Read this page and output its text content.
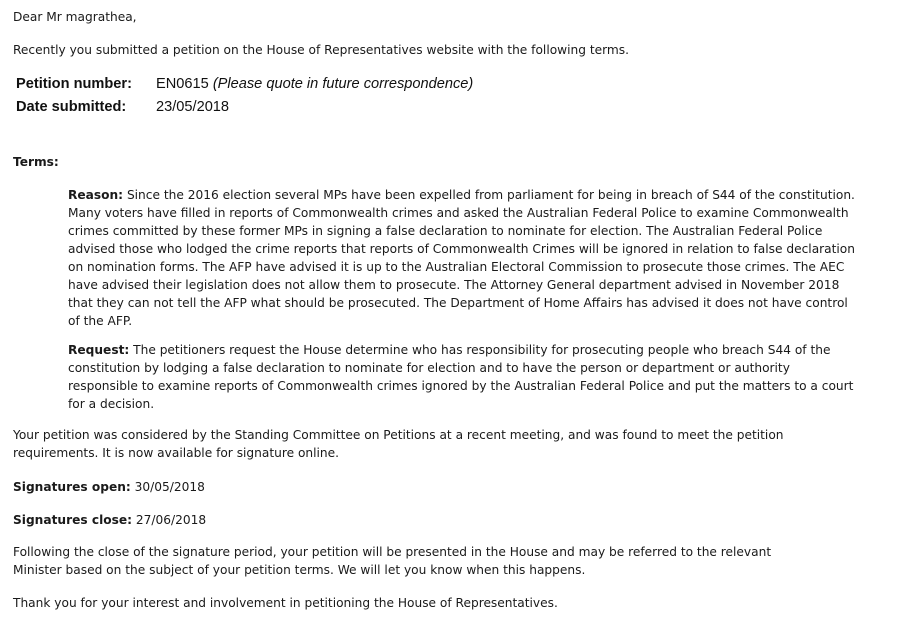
Dear Mr magrathea,

Recently you submitted a petition on the House of Representatives website with the following terms.

Petition number: EN0615 (Please quote in future correspondence)
Date submitted: 23/05/2018

Terms:

Reason: Since the 2016 election several MPs have been expelled from parliament for being in breach of S44 of the constitution. Many voters have filled in reports of Commonwealth crimes and asked the Australian Federal Police to examine Commonwealth crimes committed by these former MPs in signing a false declaration to nominate for election. The Australian Federal Police advised those who lodged the crime reports that reports of Commonwealth Crimes will be ignored in relation to false declaration on nomination forms. The AFP have advised it is up to the Australian Electoral Commission to prosecute those crimes. The AEC have advised their legislation does not allow them to prosecute. The Attorney General department advised in November 2018 that they can not tell the AFP what should be prosecuted. The Department of Home Affairs has advised it does not have control of the AFP.

Request: The petitioners request the House determine who has responsibility for prosecuting people who breach S44 of the constitution by lodging a false declaration to nominate for election and to have the person or department or authority responsible to examine reports of Commonwealth crimes ignored by the Australian Federal Police and put the matters to a court for a decision.

Your petition was considered by the Standing Committee on Petitions at a recent meeting, and was found to meet the petition requirements. It is now available for signature online.

Signatures open: 30/05/2018

Signatures close: 27/06/2018

Following the close of the signature period, your petition will be presented in the House and may be referred to the relevant Minister based on the subject of your petition terms. We will let you know when this happens.

Thank you for your interest and involvement in petitioning the House of Representatives.
